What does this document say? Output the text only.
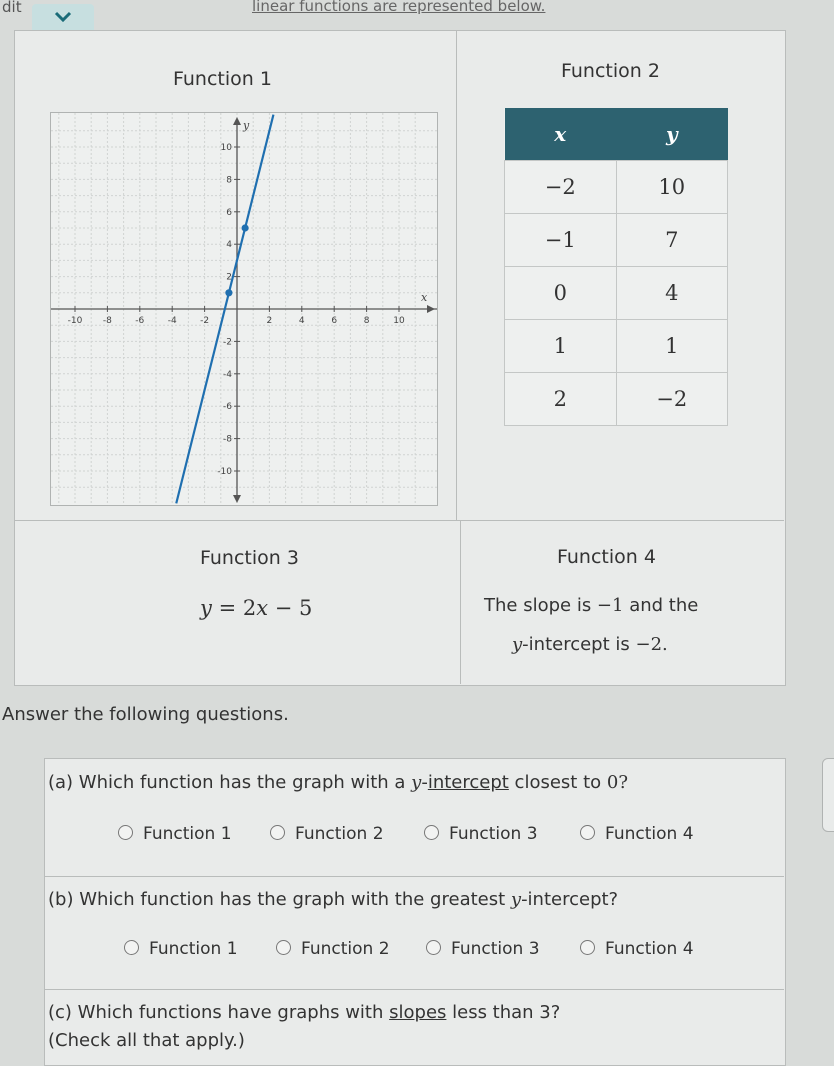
dit	linear functions are represented below.
Function 1	Function 2
-10 -8	-6	-4	-2	2	4	6	8	10
10
8
6
4
2
-2
-4
-6
-8
-10
x
y	x	y
−2	10
−1	7
0	4
1	1
2	−2
Function 3
y = 2x − 5
Function 4
The slope is −1 and the
y-intercept is −2.
Answer the following questions.
(a) Which function has the graph with a y-intercept closest to 0?
Function 1	Function 2	Function 3	Function 4
(b) Which function has the graph with the greatest y-intercept?
Function 1	Function 2	Function 3	Function 4
(c) Which functions have graphs with slopes less than 3?
(Check all that apply.)
